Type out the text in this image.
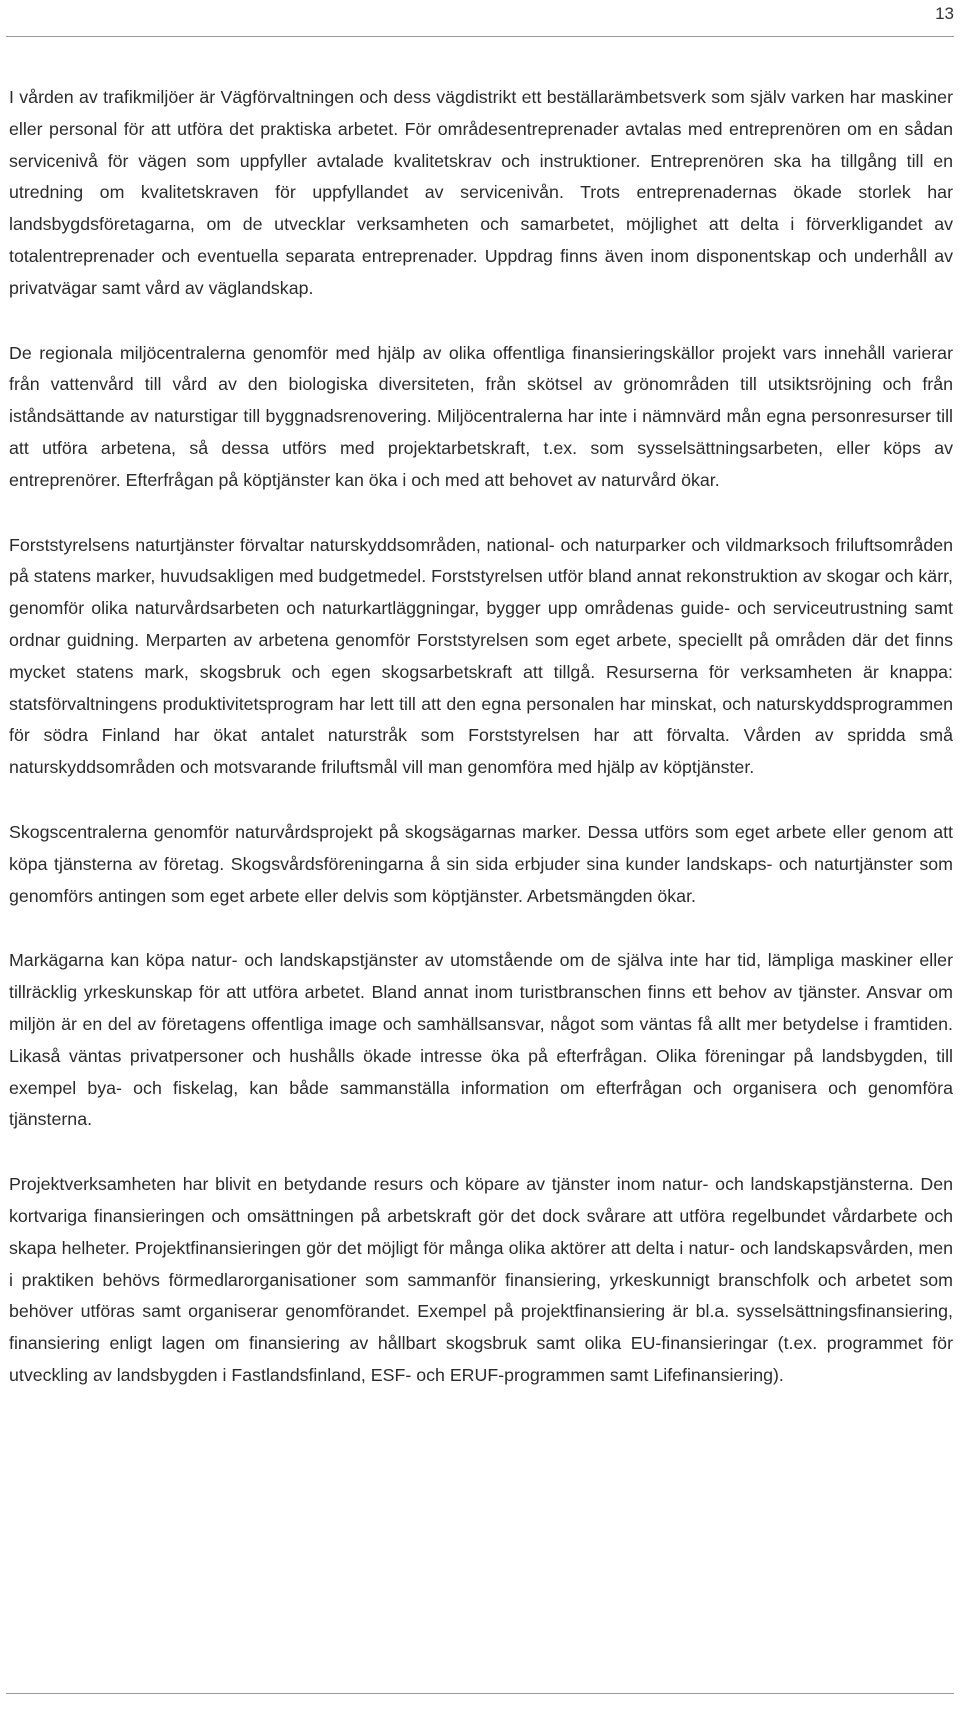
13

I vården av trafikmiljöer är Vägförvaltningen och dess vägdistrikt ett beställarämbetsverk som själv varken har maskiner eller personal för att utföra det praktiska arbetet. För områdesentreprenader avtalas med entreprenören om en sådan servicenivå för vägen som uppfyller avtalade kvalitetskrav och instruktioner. Entreprenören ska ha tillgång till en utredning om kvalitetskraven för uppfyllandet av servicenivån. Trots entreprenadernas ökade storlek har landsbygdsföretagarna, om de utvecklar verksamheten och samarbetet, möjlighet att delta i förverkligandet av totalentreprenader och eventuella separata entreprenader. Uppdrag finns även inom disponentskap och underhåll av privatvägar samt vård av väglandskap.

De regionala miljöcentralerna genomför med hjälp av olika offentliga finansieringskällor projekt vars innehåll varierar från vattenvård till vård av den biologiska diversiteten, från skötsel av grönområden till utsiktsröjning och från iståndsättande av naturstigar till byggnadsrenovering. Miljöcentralerna har inte i nämnvärd mån egna personresurser till att utföra arbetena, så dessa utförs med projektarbetskraft, t.ex. som sysselsättningsarbeten, eller köps av entreprenörer. Efterfrågan på köptjänster kan öka i och med att behovet av naturvård ökar.

Forststyrelsens naturtjänster förvaltar naturskyddsområden, national- och naturparker och vildmarksoch friluftsområden på statens marker, huvudsakligen med budgetmedel. Forststyrelsen utför bland annat rekonstruktion av skogar och kärr, genomför olika naturvårdsarbeten och naturkartläggningar, bygger upp områdenas guide- och serviceutrustning samt ordnar guidning. Merparten av arbetena genomför Forststyrelsen som eget arbete, speciellt på områden där det finns mycket statens mark, skogsbruk och egen skogsarbetskraft att tillgå. Resurserna för verksamheten är knappa: statsförvaltningens produktivitetsprogram har lett till att den egna personalen har minskat, och naturskyddsprogrammen för södra Finland har ökat antalet naturstråk som Forststyrelsen har att förvalta. Vården av spridda små naturskyddsområden och motsvarande friluftsmål vill man genomföra med hjälp av köptjänster.

Skogscentralerna genomför naturvårdsprojekt på skogsägarnas marker. Dessa utförs som eget arbete eller genom att köpa tjänsterna av företag. Skogsvårdsföreningarna å sin sida erbjuder sina kunder landskaps- och naturtjänster som genomförs antingen som eget arbete eller delvis som köptjänster. Arbetsmängden ökar.

Markägarna kan köpa natur- och landskapstjänster av utomstående om de själva inte har tid, lämpliga maskiner eller tillräcklig yrkeskunskap för att utföra arbetet. Bland annat inom turistbranschen finns ett behov av tjänster. Ansvar om miljön är en del av företagens offentliga image och samhällsansvar, något som väntas få allt mer betydelse i framtiden. Likaså väntas privatpersoner och hushålls ökade intresse öka på efterfrågan. Olika föreningar på landsbygden, till exempel bya- och fiskelag, kan både sammanställa information om efterfrågan och organisera och genomföra tjänsterna.

Projektverksamheten har blivit en betydande resurs och köpare av tjänster inom natur- och landskapstjänsterna. Den kortvariga finansieringen och omsättningen på arbetskraft gör det dock svårare att utföra regelbundet vårdarbete och skapa helheter. Projektfinansieringen gör det möjligt för många olika aktörer att delta i natur- och landskapsvården, men i praktiken behövs förmedlarorganisationer som sammanför finansiering, yrkeskunnigt branschfolk och arbetet som behöver utföras samt organiserar genomförandet. Exempel på projektfinansiering är bl.a. sysselsättningsfinansiering, finansiering enligt lagen om finansiering av hållbart skogsbruk samt olika EU-finansieringar (t.ex. programmet för utveckling av landsbygden i Fastlandsfinland, ESF- och ERUF-programmen samt Lifefinansiering).
